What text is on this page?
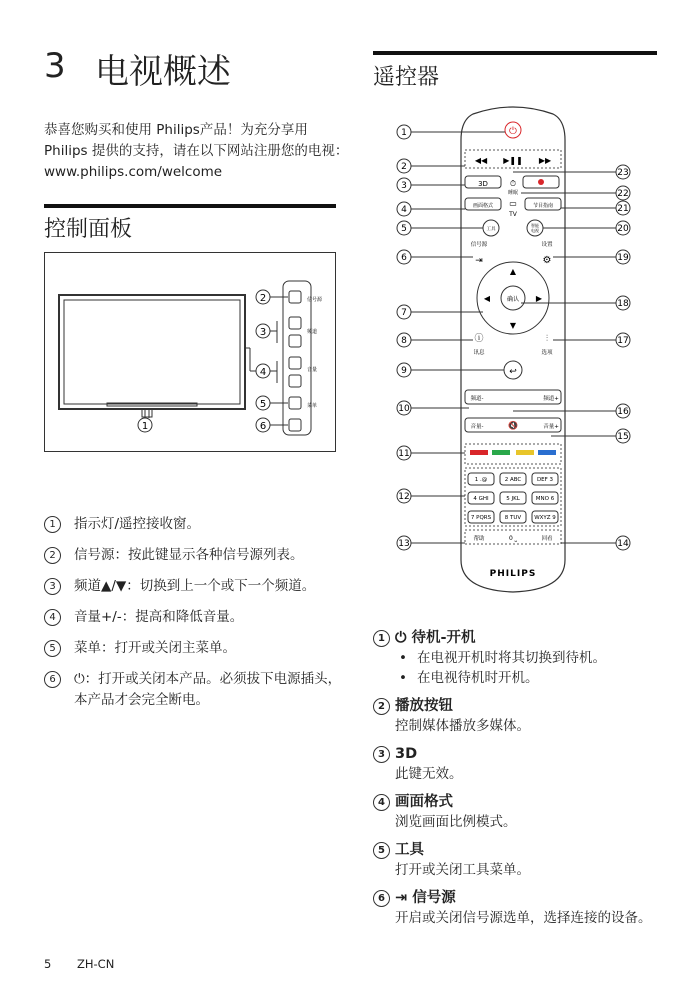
3 电视概述
恭喜您购买和使用 Philips产品！为充分享用Philips 提供的支持，请在以下网站注册您的电视：www.philips.com/welcome
控制面板
1
信号源
频道
音量
菜单
2
3
4
5
6
1	指示灯/遥控接收窗。
2	信号源：按此键显示各种信号源列表。
3	频道▲/▼：切换到上一个或下一个频道。
4	音量+/-：提高和降低音量。
5	菜单：打开或关闭主菜单。
6	⏻：打开或关闭本产品。必须拔下电源插头，本产品才会完全断电。
遥控器
⏻
◀◀ ▶❚❚ ▶▶
3D	⏱
睡眠
画面格式 ▭
TV
节目指南
工具
智能
电视
信号源	设置
⇥	⚙
确认
▲
▼
◀	▶
ⓘ
讯息
⫶
选项
↩
频道-	频道+
音量-	🔇	音量+
1 .@	2 ABC	DEF 3
4 GHI	5 JKL	MNO 6
7 PQRS 8 TUV WXYZ 9
帮助	0 ⎵	回看
PHILIPS
1
2
3
4
5
6
7
8
9
10
11
12
13
23
22
21
20
19
18
17
16
15
14
1 ⏻ 待机-开机
• 在电视开机时将其切换到待机。
• 在电视待机时开机。
2 播放按钮
控制媒体播放多媒体。
3 3D
此键无效。
4 画面格式
浏览画面比例模式。
5 工具
打开或关闭工具菜单。
6 ⇥ 信号源
开启或关闭信号源选单，选择连接的设备。
5 ZH-CN
